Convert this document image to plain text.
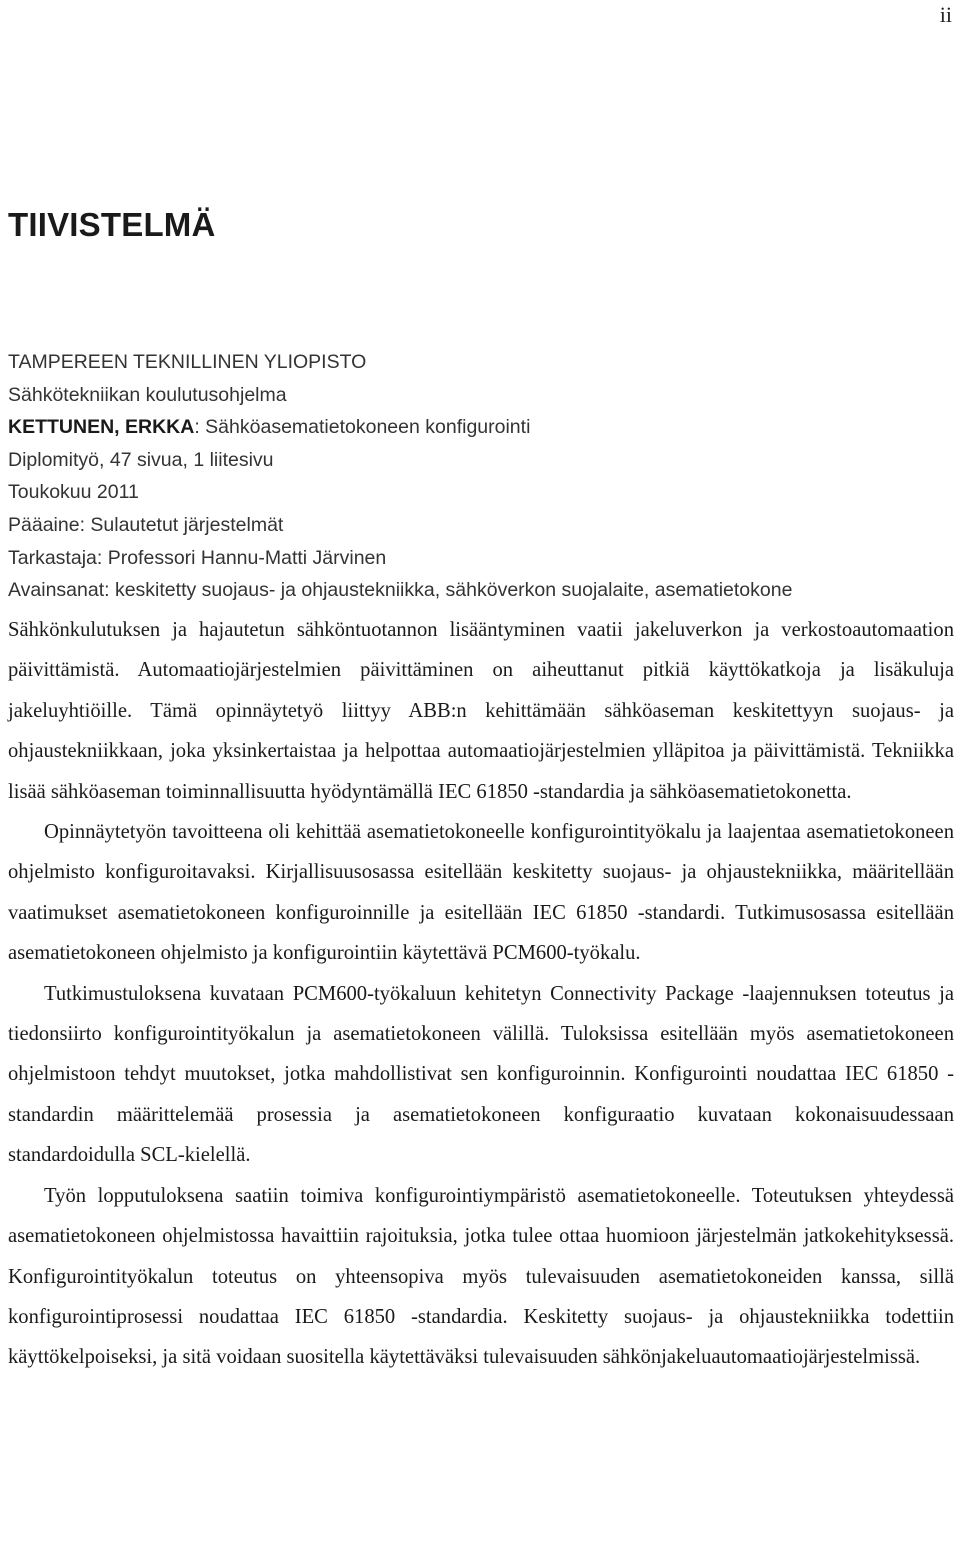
ii
TIIVISTELMÄ
TAMPEREEN TEKNILLINEN YLIOPISTO
Sähkötekniikan koulutusohjelma
KETTUNEN, ERKKA: Sähköasematietokoneen konfigurointi
Diplomityö, 47 sivua, 1 liitesivu
Toukokuu 2011
Pääaine: Sulautetut järjestelmät
Tarkastaja: Professori Hannu-Matti Järvinen
Avainsanat: keskitetty suojaus- ja ohjaustekniikka, sähköverkon suojalaite, asematietokone

Sähkönkulutuksen ja hajautetun sähköntuotannon lisääntyminen vaatii jakeluverkon ja verkostoautomaation päivittämistä. Automaatiojärjestelmien päivittäminen on aiheuttanut pitkiä käyttökatkoja ja lisäkuluja jakeluyhtiöille. Tämä opinnäytetyö liittyy ABB:n kehittämään sähköaseman keskitettyyn suojaus- ja ohjaustekniikkaan, joka yksinkertaistaa ja helpottaa automaatiojärjestelmien ylläpitoa ja päivittämistä. Tekniikka lisää sähköaseman toiminnallisuutta hyödyntämällä IEC 61850 -standardia ja sähköasematietokonetta.

Opinnäytetyön tavoitteena oli kehittää asematietokoneelle konfigurointityökalu ja laajentaa asematietokoneen ohjelmisto konfiguroitavaksi. Kirjallisuusosassa esitellään keskitetty suojaus- ja ohjaustekniikka, määritellään vaatimukset asematietokoneen konfiguroinnille ja esitellään IEC 61850 -standardi. Tutkimusosassa esitellään asematietokoneen ohjelmisto ja konfigurointiin käytettävä PCM600-työkalu.

Tutkimustuloksena kuvataan PCM600-työkaluun kehitetyn Connectivity Package -laajennuksen toteutus ja tiedonsiirto konfigurointityökalun ja asematietokoneen välillä. Tuloksissa esitellään myös asematietokoneen ohjelmistoon tehdyt muutokset, jotka mahdollistivat sen konfiguroinnin. Konfigurointi noudattaa IEC 61850 -standardin määrittelemää prosessia ja asematietokoneen konfiguraatio kuvataan kokonaisuudessaan standardoidulla SCL-kielellä.

Työn lopputuloksena saatiin toimiva konfigurointiympäristö asematietokoneelle. Toteutuksen yhteydessä asematietokoneen ohjelmistossa havaittiin rajoituksia, jotka tulee ottaa huomioon järjestelmän jatkokehityksessä. Konfigurointityökalun toteutus on yhteensopiva myös tulevaisuuden asematietokoneiden kanssa, sillä konfigurointiprosessi noudattaa IEC 61850 -standardia. Keskitetty suojaus- ja ohjaustekniikka todettiin käyttökelpoiseksi, ja sitä voidaan suositella käytettäväksi tulevaisuuden sähkönjakeluautomaatiojärjestelmissä.
